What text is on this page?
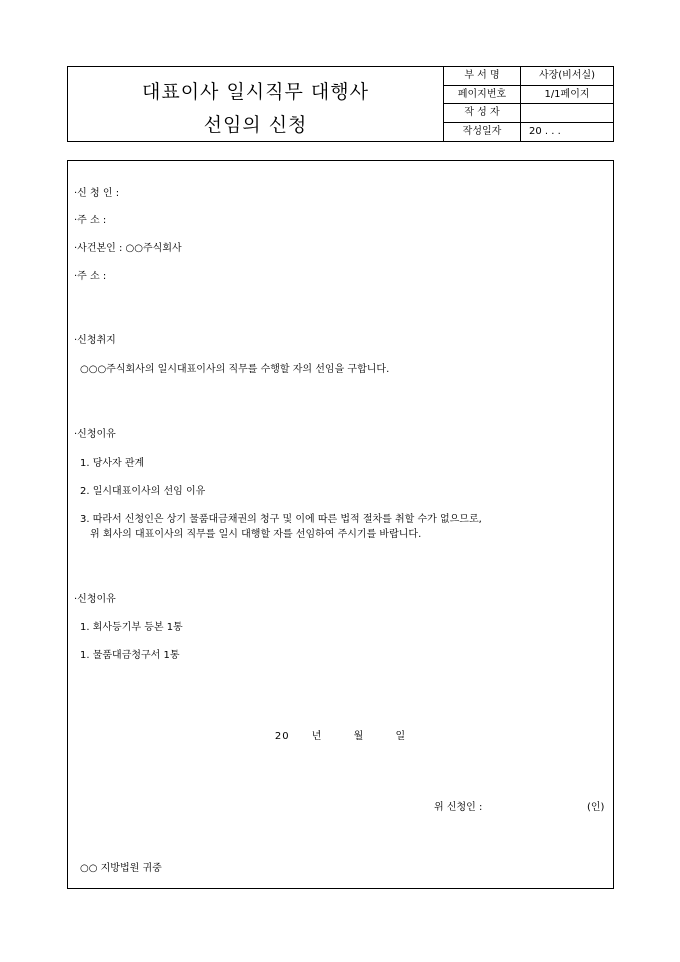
대표이사 일시직무 대행사
선임의 신청
부 서 명	사장(비서실)
페이지번호	1/1페이지
작 성 자
작성일자	20 . . .
·신 청 인 :
·주 소 :
·사건본인 : ○○주식회사
·주 소 :
·신청취지
○○○주식회사의 일시대표이사의 직무를 수행할 자의 선임을 구합니다.
·신청이유
1. 당사자 관계
2. 일시대표이사의 선임 이유
3. 따라서 신청인은 상기 물품대금채권의 청구 및 이에 따른 법적 절차를 취할 수가 없으므로,
위 회사의 대표이사의 직무를 일시 대행할 자를 선임하여 주시기를 바랍니다.
·신청이유
1. 회사등기부 등본 1통
1. 물품대금청구서 1통
20 년	월	일
위 신청인 :	(인)
○○ 지방법원 귀중
